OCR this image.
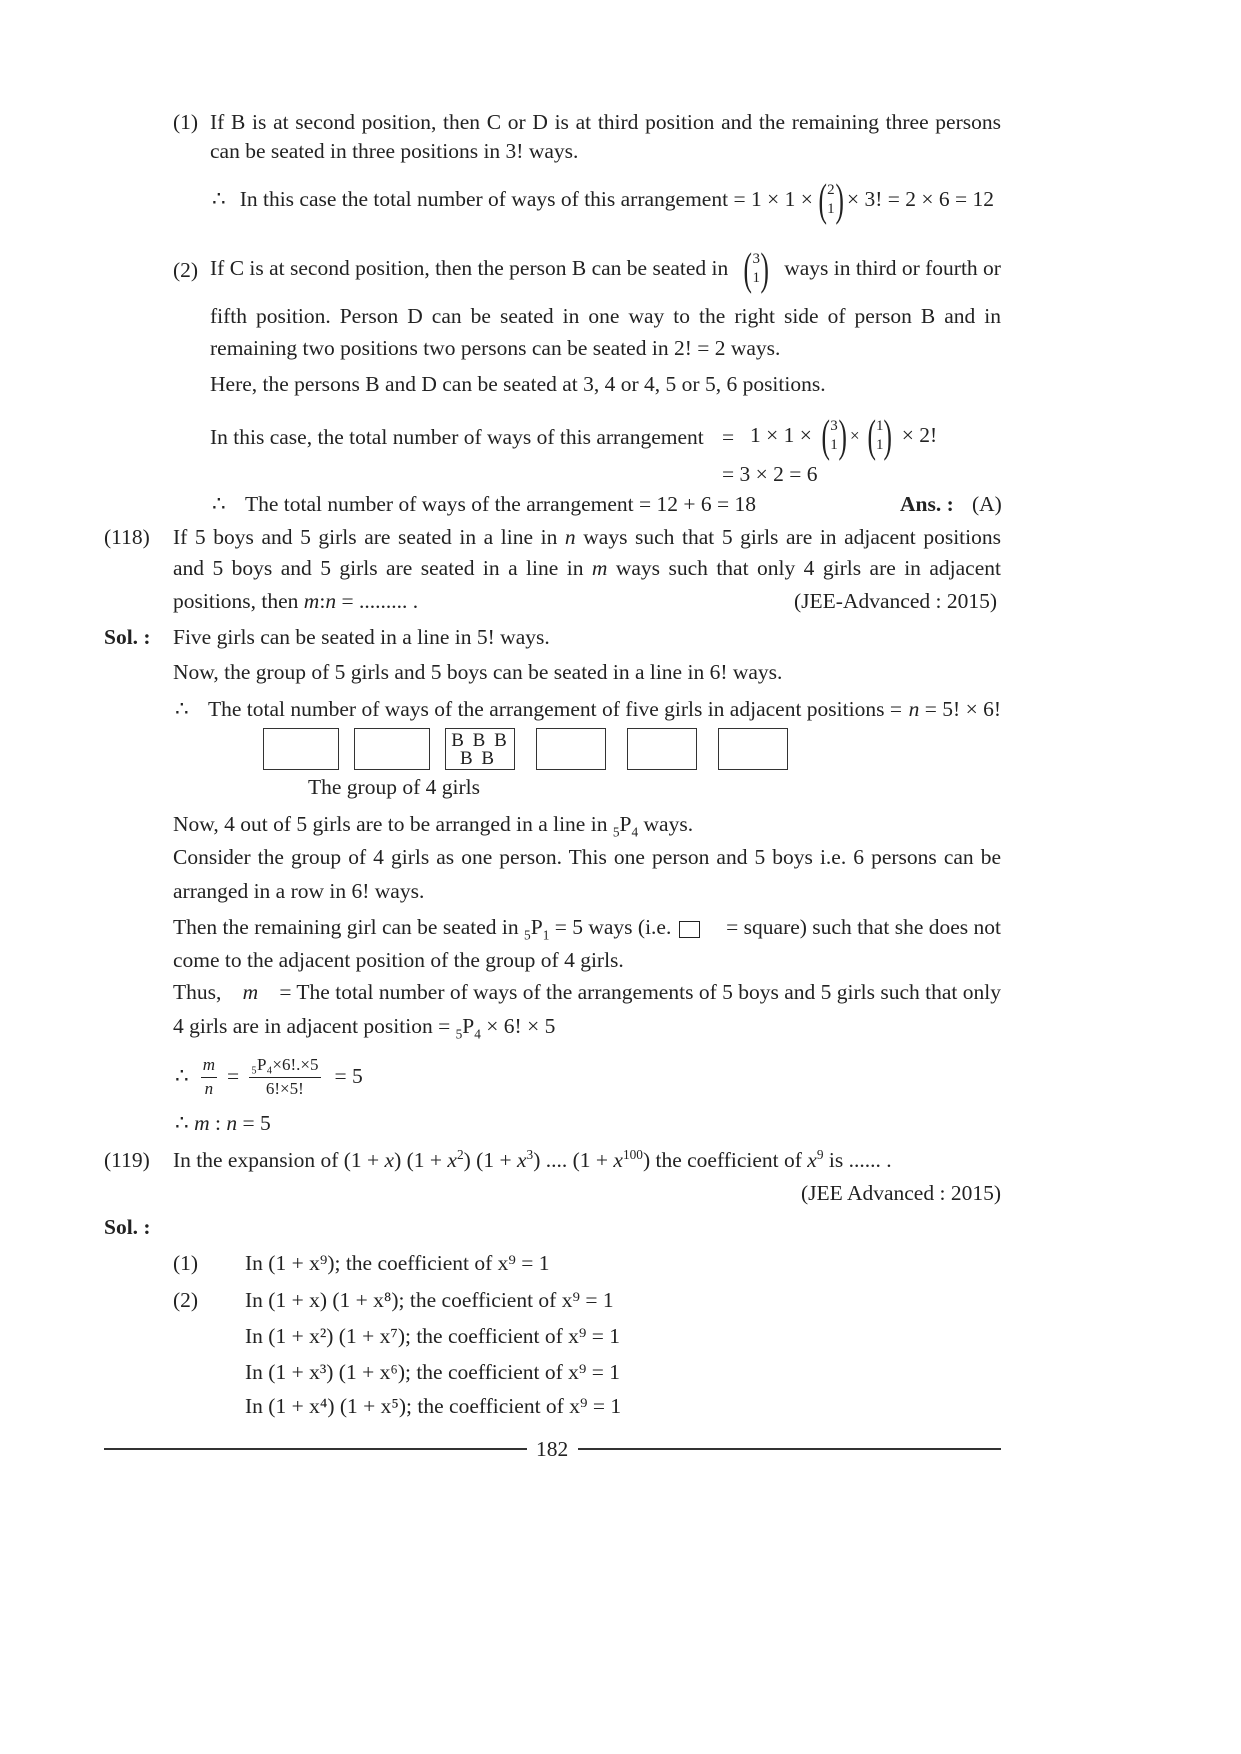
(1) If B is at second position, then C or D is at third position and the remaining three persons
can be seated in three positions in 3! ways.
∴ In this case the total number of ways of this arrangement = 1 × 1 × ( 2
1 ) × 3! = 2 × 6 = 12
(2) If C is at second position, then the person B can be seated in ( 3
1 ) ways in third or fourth or
fifth position. Person D can be seated in one way to the right side of person B and in
remaining two positions two persons can be seated in 2! = 2 ways.
Here, the persons B and D can be seated at 3, 4 or 4, 5 or 5, 6 positions.
In this case, the total number of ways of this arrangement = 1 × 1 × ( 3
1 ) × ( 1
1 ) × 2!
= 3 × 2 = 6
∴ The total number of ways of the arrangement = 12 + 6 = 18	Ans. : (A)
(118) If 5 boys and 5 girls are seated in a line in n ways such that 5 girls are in adjacent positions
and 5 boys and 5 girls are seated in a line in m ways such that only 4 girls are in adjacent
positions, then m:n = ......... .	(JEE-Advanced : 2015)
Sol. : Five girls can be seated in a line in 5! ways.
Now, the group of 5 girls and 5 boys can be seated in a line in 6! ways.
∴ The total number of ways of the arrangement of five girls in adjacent positions = n = 5! × 6!
B B B
B B
The group of 4 girls
Now, 4 out of 5 girls are to be arranged in a line in $_5P_4$ ways.
Consider the group of 4 girls as one person. This one person and 5 boys i.e. 6 persons can be
arranged in a row in 6! ways.
Then the remaining girl can be seated in $_5P_1 = 5$ ways (i.e.	= square) such that she does not
come to the adjacent position of the group of 4 girls.
Thus, m = The total number of ways of the arrangements of 5 boys and 5 girls such that only
4 girls are in adjacent position = $_5P_4 \times 6$! × 5
∴ $\frac{m}{n} = \frac{\text{₅P₄×6!.×5}}{6!\times 5!} = 5$
∴ m : n = 5
(119) In the expansion of (1 + x) $(1 + x^2)$ $(1 + x^3)$ .... $(1 + x^{100})$ the coefficient of $x^9$ is ...... .
(JEE Advanced : 2015)
Sol. :
(1) In (1 + x⁹); the coefficient of x⁹ = 1
(2) In (1 + x) (1 + x⁸); the coefficient of x⁹ = 1
In (1 + x²) (1 + x⁷); the coefficient of x⁹ = 1
In (1 + x³) (1 + x⁶); the coefficient of x⁹ = 1
In (1 + x⁴) (1 + x⁵); the coefficient of x⁹ = 1
182
